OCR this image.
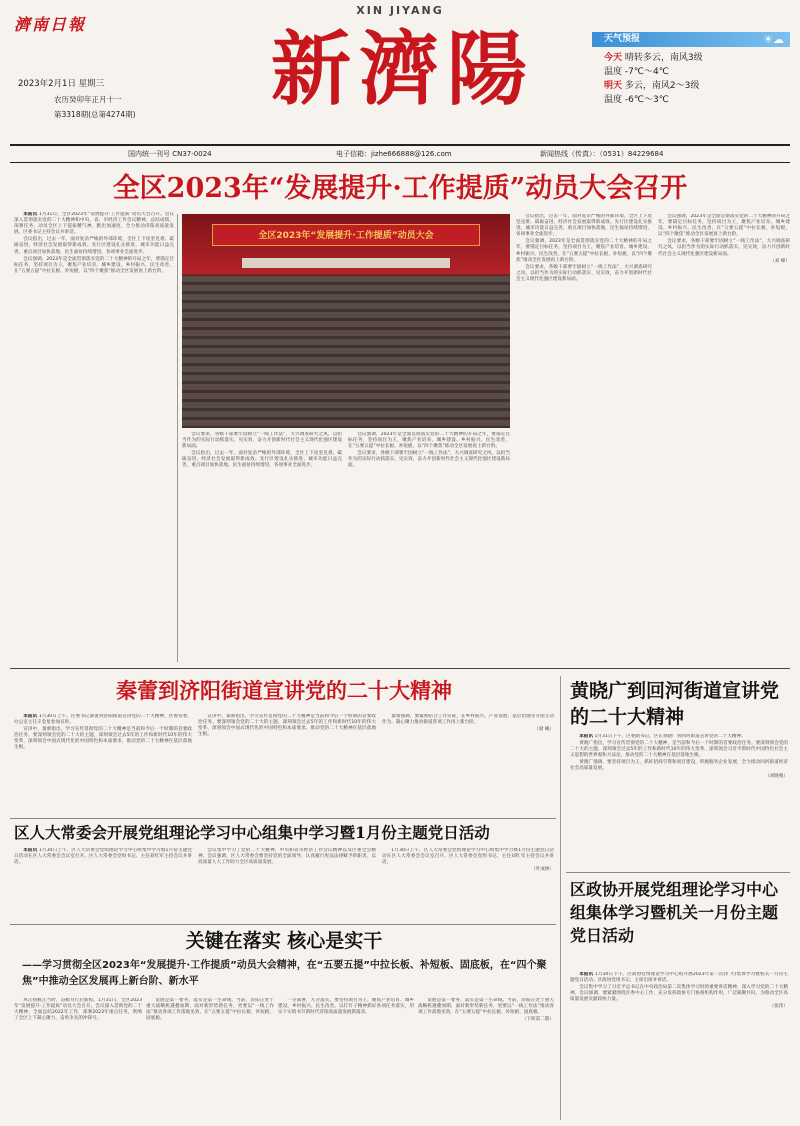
濟南日報
2023年2月1日 星期三
农历癸卯年正月十一
第3318期(总第4274期)
XIN JIYANG
新濟陽	天气预报	☀☁
今天 晴转多云，南风3级
温度 -7℃～4℃
明天 多云，南风2～3级
温度 -6℃～3℃
国内统一刊号 CN37-0024	电子信箱：jizhe666888@126.com	新闻热线（传真）：（0531）84229684
全区2023年“发展提升·工作提质”动员大会召开

本报讯 1月31日，全区2023年“发展提升·工作提质”动员大会召开。会议深入贯彻落实党的二十大精神和中央、省、市经济工作会议精神，总结成绩、部署任务，动员全区上下提振精气神、跑出加速度，全力推动济阳高质量发展。区委书记主持会议并讲话。

会议指出，过去一年，面对复杂严峻的外部环境，全区上下攻坚克难、砥砺奋进，经济社会发展取得新成效。先行区建设扎实推进，城市功能日益完善，重点项目加快落地，民生福祉持续增进，各项事业全面进步。

会议强调，2023年是全面贯彻落实党的二十大精神的开局之年，要锚定目标任务，坚持项目为王，聚焦产业培育、城乡建设、乡村振兴、民生改善，在“五要五提”中拉长板、补短板，以“四个聚焦”推动全区发展再上新台阶。

全区2023年“发展提升·工作提质”动员大会

会议要求，各级干部要牢固树立“一线工作法”，大兴调查研究之风，以担当作为的实际行动抓落实、见实效，奋力开创新时代社会主义现代化强区建设新局面。

会议指出，过去一年，面对复杂严峻的外部环境，全区上下攻坚克难、砥砺奋进，经济社会发展取得新成效。先行区建设扎实推进，城市功能日益完善，重点项目加快落地，民生福祉持续增进，各项事业全面进步。

会议强调，2023年是全面贯彻落实党的二十大精神的开局之年，要锚定目标任务，坚持项目为王，聚焦产业培育、城乡建设、乡村振兴、民生改善，在“五要五提”中拉长板、补短板，以“四个聚焦”推动全区发展再上新台阶。

会议要求，各级干部要牢固树立“一线工作法”，大兴调查研究之风，以担当作为的实际行动抓落实、见实效，奋力开创新时代社会主义现代化强区建设新局面。

会议指出，过去一年，面对复杂严峻的外部环境，全区上下攻坚克难、砥砺奋进，经济社会发展取得新成效。先行区建设扎实推进，城市功能日益完善，重点项目加快落地，民生福祉持续增进，各项事业全面进步。

会议强调，2023年是全面贯彻落实党的二十大精神的开局之年，要锚定目标任务，坚持项目为王，聚焦产业培育、城乡建设、乡村振兴、民生改善，在“五要五提”中拉长板、补短板，以“四个聚焦”推动全区发展再上新台阶。

会议要求，各级干部要牢固树立“一线工作法”，大兴调查研究之风，以担当作为的实际行动抓落实、见实效，奋力开创新时代社会主义现代化强区建设新局面。

会议强调，2023年是全面贯彻落实党的二十大精神的开局之年，要锚定目标任务，坚持项目为王，聚焦产业培育、城乡建设、乡村振兴、民生改善，在“五要五提”中拉长板、补短板，以“四个聚焦”推动全区发展再上新台阶。

会议要求，各级干部要牢固树立“一线工作法”，大兴调查研究之风，以担当作为的实际行动抓落实、见实效，奋力开创新时代社会主义现代化强区建设新局面。

（刘 峰）

秦蕾到济阳街道宣讲党的二十大精神

本报讯 1月30日上午，区委书记秦蕾到济阳街道宣讲党的二十大精神，区委常委、办公室主任辛金星参加宣讲。

宣讲中，秦蕾指出，学习宣传贯彻党的二十大精神是当前和今后一个时期的首要政治任务。要深刻领会党的二十大的主题，深刻领会过去5年的工作和新时代10年的伟大变革，深刻领会中国式现代化的中国特色和本质要求，推动党的二十大精神在基层落地生根。

宣讲中，秦蕾指出，学习宣传贯彻党的二十大精神是当前和今后一个时期的首要政治任务。要深刻领会党的二十大的主题，深刻领会过去5年的工作和新时代10年的伟大变革，深刻领会中国式现代化的中国特色和本质要求，推动党的二十大精神在基层落地生根。

秦蕾强调，要紧密结合工作实际，在乡村振兴、产业发展、基层治理等方面主动作为，凝心聚力推动街道各项工作再上新台阶。

（梁 曦）

黄晓广到回河街道宣讲党的二十大精神

本报讯 1月31日下午，区委副书记、区长黄晓广到回河街道宣讲党的二十大精神。

黄晓广指出，学习宣传贯彻党的二十大精神，是当前和今后一个时期的首要政治任务。要深刻领会党的二十大的主题，深刻领会过去5年的工作和新时代10年的伟大变革，深刻领会习近平新时代中国特色社会主义思想的世界观和方法论，推动党的二十大精神在基层落地生根。

黄晓广强调，要坚持项目为王，抓好招商引资和项目建设，积极服务企业发展，全力推动回河街道经济社会高质量发展。

（刘晓燕）

区人大常委会开展党组理论学习中心组集中学习暨1月份主题党日活动

本报讯 1月30日上午，区人大常委会党组理论学习中心组集中学习暨1月份主题党日活动在区人大常委会会议室召开。区人大常委会党组书记、主任刘红军主持会议并讲话。

会议集中学习了党的二十大精神、中央和省市经济工作会议精神以及区委全会精神。会议强调，区人大常委会要坚持党的全面领导，认真履行宪法法律赋予的职责，以高质量人大工作助力全区高质量发展。

1月30日上午，区人大常委会党组理论学习中心组集中学习暨1月份主题党日活动在区人大常委会会议室召开。区人大常委会党组书记、主任刘红军主持会议并讲话。

（叶成林）

关键在落实 核心是实干
——学习贯彻全区2023年“发展提升·工作提质”动员大会精神，在“五要五提”中拉长板、补短板、固底板，在“四个聚焦”中推动全区发展再上新台阶、新水平

风正扬帆正当时，奋楫笃行启新程。1月31日，全区2023年“发展提升·工作提质”动员大会召开。会议深入贯彻党的二十大精神，全面总结2022年工作，部署2023年重点任务，吹响了全区上下凝心聚力、奋勇争先的冲锋号。

发展是第一要务，落实是第一生命线。当前，济阳正处于重大战略机遇叠加期，面对新形势新任务，更要以“一线工作法”推动各项工作落地见效，在“五要五提”中拉长板、补短板、固底板。

一分部署，九分落实。要坚持项目为王，聚焦产业培育、城乡建设、乡村振兴、民生改善，以钉钉子精神抓好各项任务落实，用实干实绩书写新时代济阳高质量发展新篇章。

发展是第一要务，落实是第一生命线。当前，济阳正处于重大战略机遇叠加期，面对新形势新任务，更要以“一线工作法”推动各项工作落地见效，在“五要五提”中拉长板、补短板、固底板。

（下转第二版）

区政协开展党组理论学习中心组集体学习暨机关一月份主题党日活动

本报讯 1月30日下午，区政协党组理论学习中心组开展2023年第一次(扩大)集体学习暨机关一月份主题党日活动。区政协党组书记、主席出席并讲话。

会议集中学习了习近平总书记在中央政治局第二次集体学习时的重要讲话精神，深入学习党的二十大精神。会议强调，要紧紧围绕区委中心工作，充分发挥政协专门协商机构作用，广泛凝聚共识，为推动全区高质量发展贡献政协力量。

（张伟）
